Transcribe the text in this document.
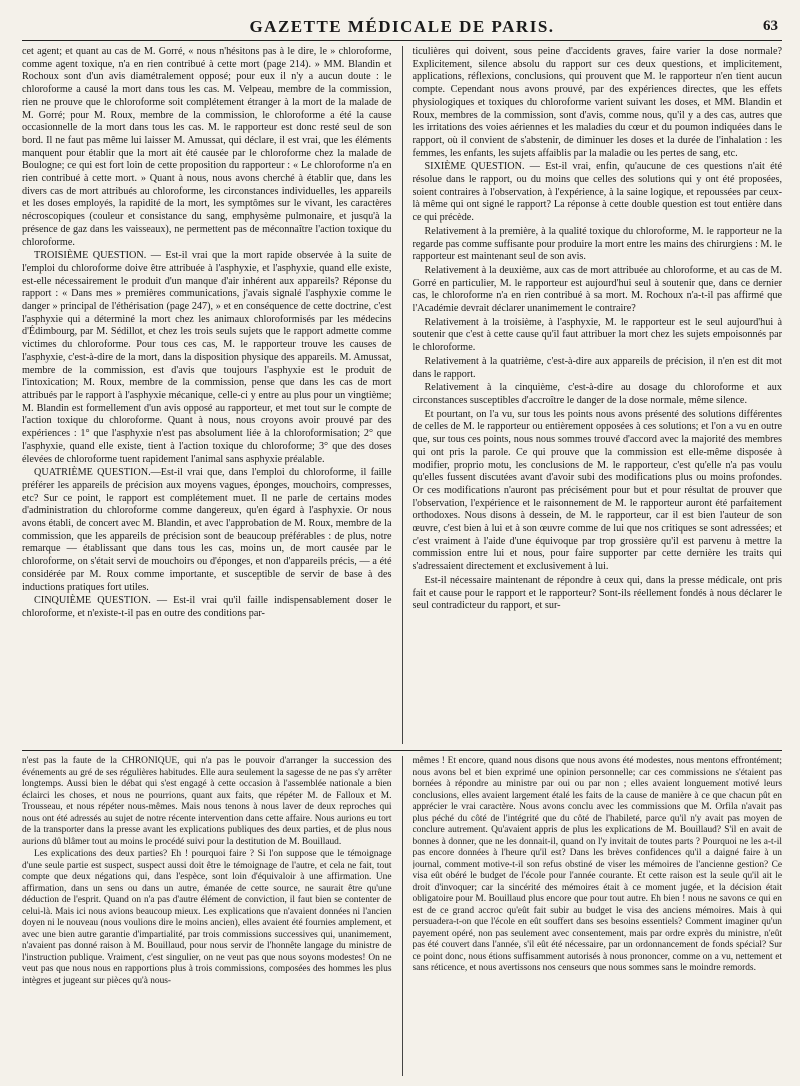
GAZETTE MÉDICALE DE PARIS.	63

cet agent; et quant au cas de M. Gorré, « nous n'hésitons pas à le dire, le » chloroforme, comme agent toxique, n'a en rien contribué à cette mort (page 214). » MM. Blandin et Rochoux sont d'un avis diamétralement opposé; pour eux il n'y a aucun doute : le chloroforme a causé la mort dans tous les cas. M. Velpeau, membre de la commission, rien ne prouve que le chloroforme soit complétement étranger à la mort de la malade de M. Gorré; pour M. Roux, membre de la commission, le chloroforme a été la cause occasionnelle de la mort dans tous les cas. M. le rapporteur est donc resté seul de son bord. Il ne faut pas même lui laisser M. Amussat, qui déclare, il est vrai, que les éléments manquent pour établir que la mort ait été causée par le chloroforme chez la malade de Boulogne; ce qui est fort loin de cette proposition du rapporteur : « Le chloroforme n'a en rien contribué à cette mort. » Quant à nous, nous avons cherché à établir que, dans les divers cas de mort attribués au chloroforme, les circonstances individuelles, les appareils et les doses employés, la rapidité de la mort, les symptômes sur le vivant, les caractères nécroscopiques (couleur et consistance du sang, emphysème pulmonaire, et jusqu'à la présence de gaz dans les vaisseaux), ne permettent pas de méconnaître l'action toxique du chloroforme.

TROISIÈME QUESTION. — Est-il vrai que la mort rapide observée à la suite de l'emploi du chloroforme doive être attribuée à l'asphyxie, et l'asphyxie, quand elle existe, est-elle nécessairement le produit d'un manque d'air inhérent aux appareils? Réponse du rapport : « Dans mes » premières communications, j'avais signalé l'asphyxie comme le danger » principal de l'éthérisation (page 247), » et en conséquence de cette doctrine, c'est l'asphyxie qui a déterminé la mort chez les animaux chloroformisés par les médecins d'Édimbourg, par M. Sédillot, et chez les trois seuls sujets que le rapport admette comme victimes du chloroforme. Pour tous ces cas, M. le rapporteur trouve les causes de l'asphyxie, c'est-à-dire de la mort, dans la disposition physique des appareils. M. Amussat, membre de la commission, est d'avis que toujours l'asphyxie est le produit de l'intoxication; M. Roux, membre de la commission, pense que dans les cas de mort attribués par le rapport à l'asphyxie mécanique, celle-ci y entre au plus pour un vingtième; M. Blandin est formellement d'un avis opposé au rapporteur, et met tout sur le compte de l'action toxique du chloroforme. Quant à nous, nous croyons avoir prouvé par des expériences : 1° que l'asphyxie n'est pas absolument liée à la chloroformisation; 2° que l'asphyxie, quand elle existe, tient à l'action toxique du chloroforme; 3° que des doses élevées de chloroforme tuent rapidement l'animal sans asphyxie préalable.

QUATRIÈME QUESTION.—Est-il vrai que, dans l'emploi du chloroforme, il faille préférer les appareils de précision aux moyens vagues, éponges, mouchoirs, compresses, etc? Sur ce point, le rapport est complétement muet. Il ne parle de certains modes d'administration du chloroforme comme dangereux, qu'en égard à l'asphyxie. Or nous avons établi, de concert avec M. Blandin, et avec l'approbation de M. Roux, membre de la commission, que les appareils de précision sont de beaucoup préférables : de plus, notre remarque — établissant que dans tous les cas, moins un, de mort causée par le chloroforme, on s'était servi de mouchoirs ou d'éponges, et non d'appareils précis, — a été considérée par M. Roux comme importante, et susceptible de servir de base à des inductions pratiques fort utiles.

CINQUIÈME QUESTION. — Est-il vrai qu'il faille indispensablement doser le chloroforme, et n'existe-t-il pas en outre des conditions par-

ticulières qui doivent, sous peine d'accidents graves, faire varier la dose normale? Explicitement, silence absolu du rapport sur ces deux questions, et implicitement, applications, réflexions, conclusions, qui prouvent que M. le rapporteur n'en tient aucun compte. Cependant nous avons prouvé, par des expériences directes, que les effets physiologiques et toxiques du chloroforme varient suivant les doses, et MM. Blandin et Roux, membres de la commission, sont d'avis, comme nous, qu'il y a des cas, autres que les irritations des voies aériennes et les maladies du cœur et du poumon indiquées dans le rapport, où il convient de s'abstenir, de diminuer les doses et la durée de l'inhalation : les femmes, les enfants, les sujets affaiblis par la maladie ou les pertes de sang, etc.

SIXIÈME QUESTION. — Est-il vrai, enfin, qu'aucune de ces questions n'ait été résolue dans le rapport, ou du moins que celles des solutions qui y ont été proposées, soient contraires à l'observation, à l'expérience, à la saine logique, et repoussées par ceux-là même qui ont signé le rapport? La réponse à cette double question est tout entière dans ce qui précède.

Relativement à la première, à la qualité toxique du chloroforme, M. le rapporteur ne la regarde pas comme suffisante pour produire la mort entre les mains des chirurgiens : M. le rapporteur est maintenant seul de son avis.

Relativement à la deuxième, aux cas de mort attribuée au chloroforme, et au cas de M. Gorré en particulier, M. le rapporteur est aujourd'hui seul à soutenir que, dans ce dernier cas, le chloroforme n'a en rien contribué à sa mort. M. Rochoux n'a-t-il pas affirmé que l'Académie devrait déclarer unanimement le contraire?

Relativement à la troisième, à l'asphyxie, M. le rapporteur est le seul aujourd'hui à soutenir que c'est à cette cause qu'il faut attribuer la mort chez les sujets empoisonnés par le chloroforme.

Relativement à la quatrième, c'est-à-dire aux appareils de précision, il n'en est dit mot dans le rapport.

Relativement à la cinquième, c'est-à-dire au dosage du chloroforme et aux circonstances susceptibles d'accroître le danger de la dose normale, même silence.

Et pourtant, on l'a vu, sur tous les points nous avons présenté des solutions différentes de celles de M. le rapporteur ou entièrement opposées à ces solutions; et l'on a vu en outre que, sur tous ces points, nous nous sommes trouvé d'accord avec la majorité des membres qui ont pris la parole. Ce qui prouve que la commission est elle-même disposée à modifier, proprio motu, les conclusions de M. le rapporteur, c'est qu'elle n'a pas voulu qu'elles fussent discutées avant d'avoir subi des modifications plus ou moins profondes. Or ces modifications n'auront pas précisément pour but et pour résultat de prouver que l'observation, l'expérience et le raisonnement de M. le rapporteur auront été parfaitement orthodoxes. Nous disons à dessein, de M. le rapporteur, car il est bien l'auteur de son œuvre, c'est bien à lui et à son œuvre comme de lui que nos critiques se sont adressées; et c'est vraiment à l'aide d'une équivoque par trop grossière qu'il est parvenu à mettre la commission entre lui et nous, pour faire supporter par cette dernière les traits qui s'adressaient directement et exclusivement à lui.

Est-il nécessaire maintenant de répondre à ceux qui, dans la presse médicale, ont pris fait et cause pour le rapport et le rapporteur? Sont-ils réellement fondés à nous déclarer le seul contradicteur du rapport, et sur-

n'est pas la faute de la CHRONIQUE, qui n'a pas le pouvoir d'arranger la succession des événements au gré de ses régulières habitudes. Elle aura seulement la sagesse de ne pas s'y arrêter longtemps. Aussi bien le débat qui s'est engagé à cette occasion à l'assemblée nationale a bien éclairci les choses, et nous ne pourrions, quant aux faits, que répéter M. de Falloux et M. Trousseau, et nous répéter nous-mêmes. Mais nous tenons à nous laver de deux reproches qui nous ont été adressés au sujet de notre récente intervention dans cette affaire. Nous aurions eu tort de la transporter dans la presse avant les explications publiques des deux parties, et de plus nous aurions dû blâmer tout au moins le procédé suivi pour la destitution de M. Bouillaud.

Les explications des deux parties? Eh ! pourquoi faire ? Si l'on suppose que le témoignage d'une seule partie est suspect, suspect aussi doit être le témoignage de l'autre, et cela ne fait, tout compte que deux négations qui, dans l'espèce, sont loin d'équivaloir à une affirmation. Une affirmation, dans un sens ou dans un autre, émanée de cette source, ne saurait être qu'une déduction de l'esprit. Quand on n'a pas d'autre élément de conviction, il faut bien se contenter de celui-là. Mais ici nous avions beaucoup mieux. Les explications que n'avaient données ni l'ancien doyen ni le nouveau (nous voulions dire le moins ancien), elles avaient été fournies amplement, et avec une bien autre garantie d'impartialité, par trois commissions successives qui, unanimement, n'avaient pas donné raison à M. Bouillaud, pour nous servir de l'honnête langage du ministre de l'instruction publique. Vraiment, c'est singulier, on ne veut pas que nous soyons modestes! On ne veut pas que nous nous en rapportions plus à trois commissions, composées des hommes les plus intègres et jugeant sur pièces qu'à nous-

mêmes ! Et encore, quand nous disons que nous avons été modestes, nous mentons effrontément; nous avons bel et bien exprimé une opinion personnelle; car ces commissions ne s'étaient pas bornées à répondre au ministre par oui ou par non ; elles avaient longuement motivé leurs conclusions, elles avaient largement étalé les faits de la cause de manière à ce que chacun pût en apprécier le vrai caractère. Nous avons conclu avec les commissions que M. Orfila n'avait pas plus péché du côté de l'intégrité que du côté de l'habileté, parce qu'il n'y avait pas moyen de conclure autrement. Qu'avaient appris de plus les explications de M. Bouillaud? S'il en avait de bonnes à donner, que ne les donnait-il, quand on l'y invitait de toutes parts ? Pourquoi ne les a-t-il pas encore données à l'heure qu'il est? Dans les brèves confidences qu'il a daigné faire à un journal, comment motive-t-il son refus obstiné de viser les mémoires de l'ancienne gestion? Ce visa eût obéré le budget de l'école pour l'année courante. Et cette raison est la seule qu'il ait le droit d'invoquer; car la sincérité des mémoires était à ce moment jugée, et la décision était obligatoire pour M. Bouillaud plus encore que pour tout autre. Eh bien ! nous ne savons ce qui en est de ce grand accroc qu'eût fait subir au budget le visa des anciens mémoires. Mais à qui persuadera-t-on que l'école en eût souffert dans ses besoins essentiels? Comment imaginer qu'un payement opéré, non pas seulement avec consentement, mais par ordre exprès du ministre, n'eût pas été couvert dans l'année, s'il eût été nécessaire, par un ordonnancement de fonds spécial? Sur ce point donc, nous étions suffisamment autorisés à nous prononcer, comme on a vu, nettement et sans réticence, et nous avertissons nos censeurs que nous sommes sans le moindre remords.
